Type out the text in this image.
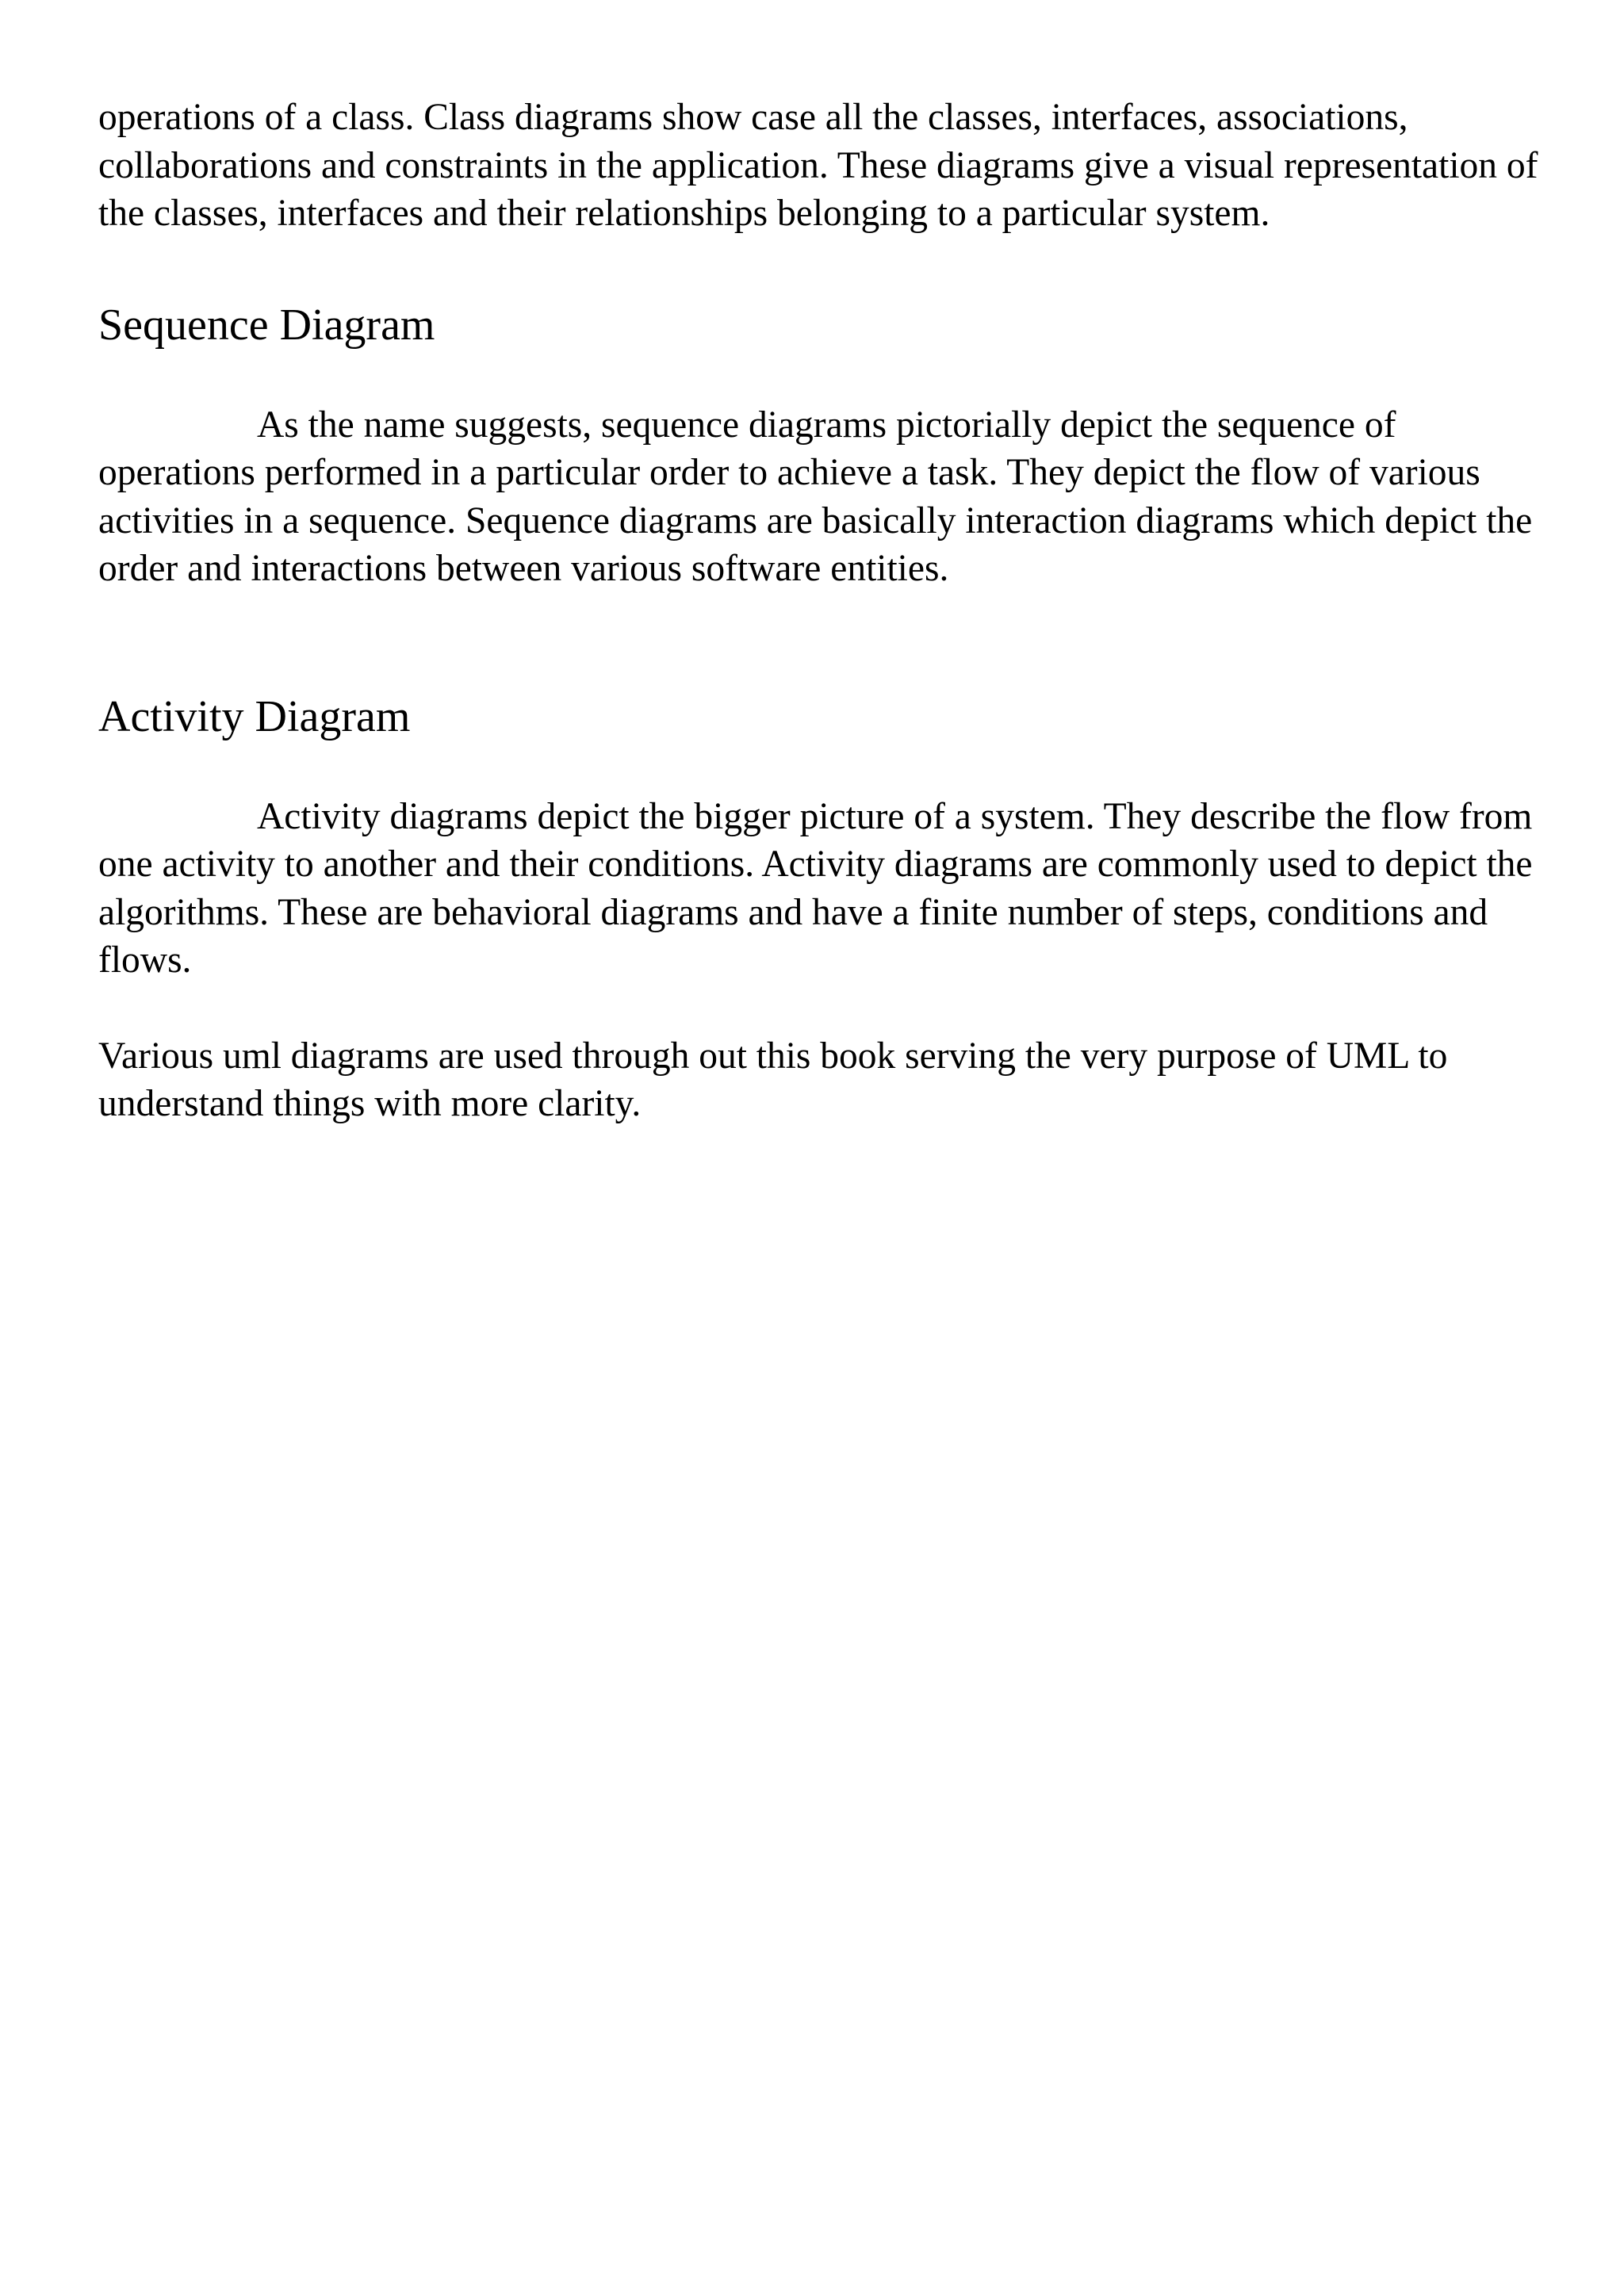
operations of a class. Class diagrams show case all the classes, interfaces, associations, collaborations and constraints in the application. These diagrams give a visual representation of the classes, interfaces and their relationships belonging to a particular system.

Sequence Diagram

As the name suggests, sequence diagrams pictorially depict the sequence of operations performed in a particular order to achieve a task. They depict the flow of various activities in a sequence. Sequence diagrams are basically interaction diagrams which depict the order and interactions between various software entities.

Activity Diagram

Activity diagrams depict the bigger picture of a system. They describe the flow from one activity to another and their conditions. Activity diagrams are commonly used to depict the algorithms. These are behavioral diagrams and have a finite number of steps, conditions and flows.

Various uml diagrams are used through out this book serving the very purpose of UML to understand things with more clarity.
